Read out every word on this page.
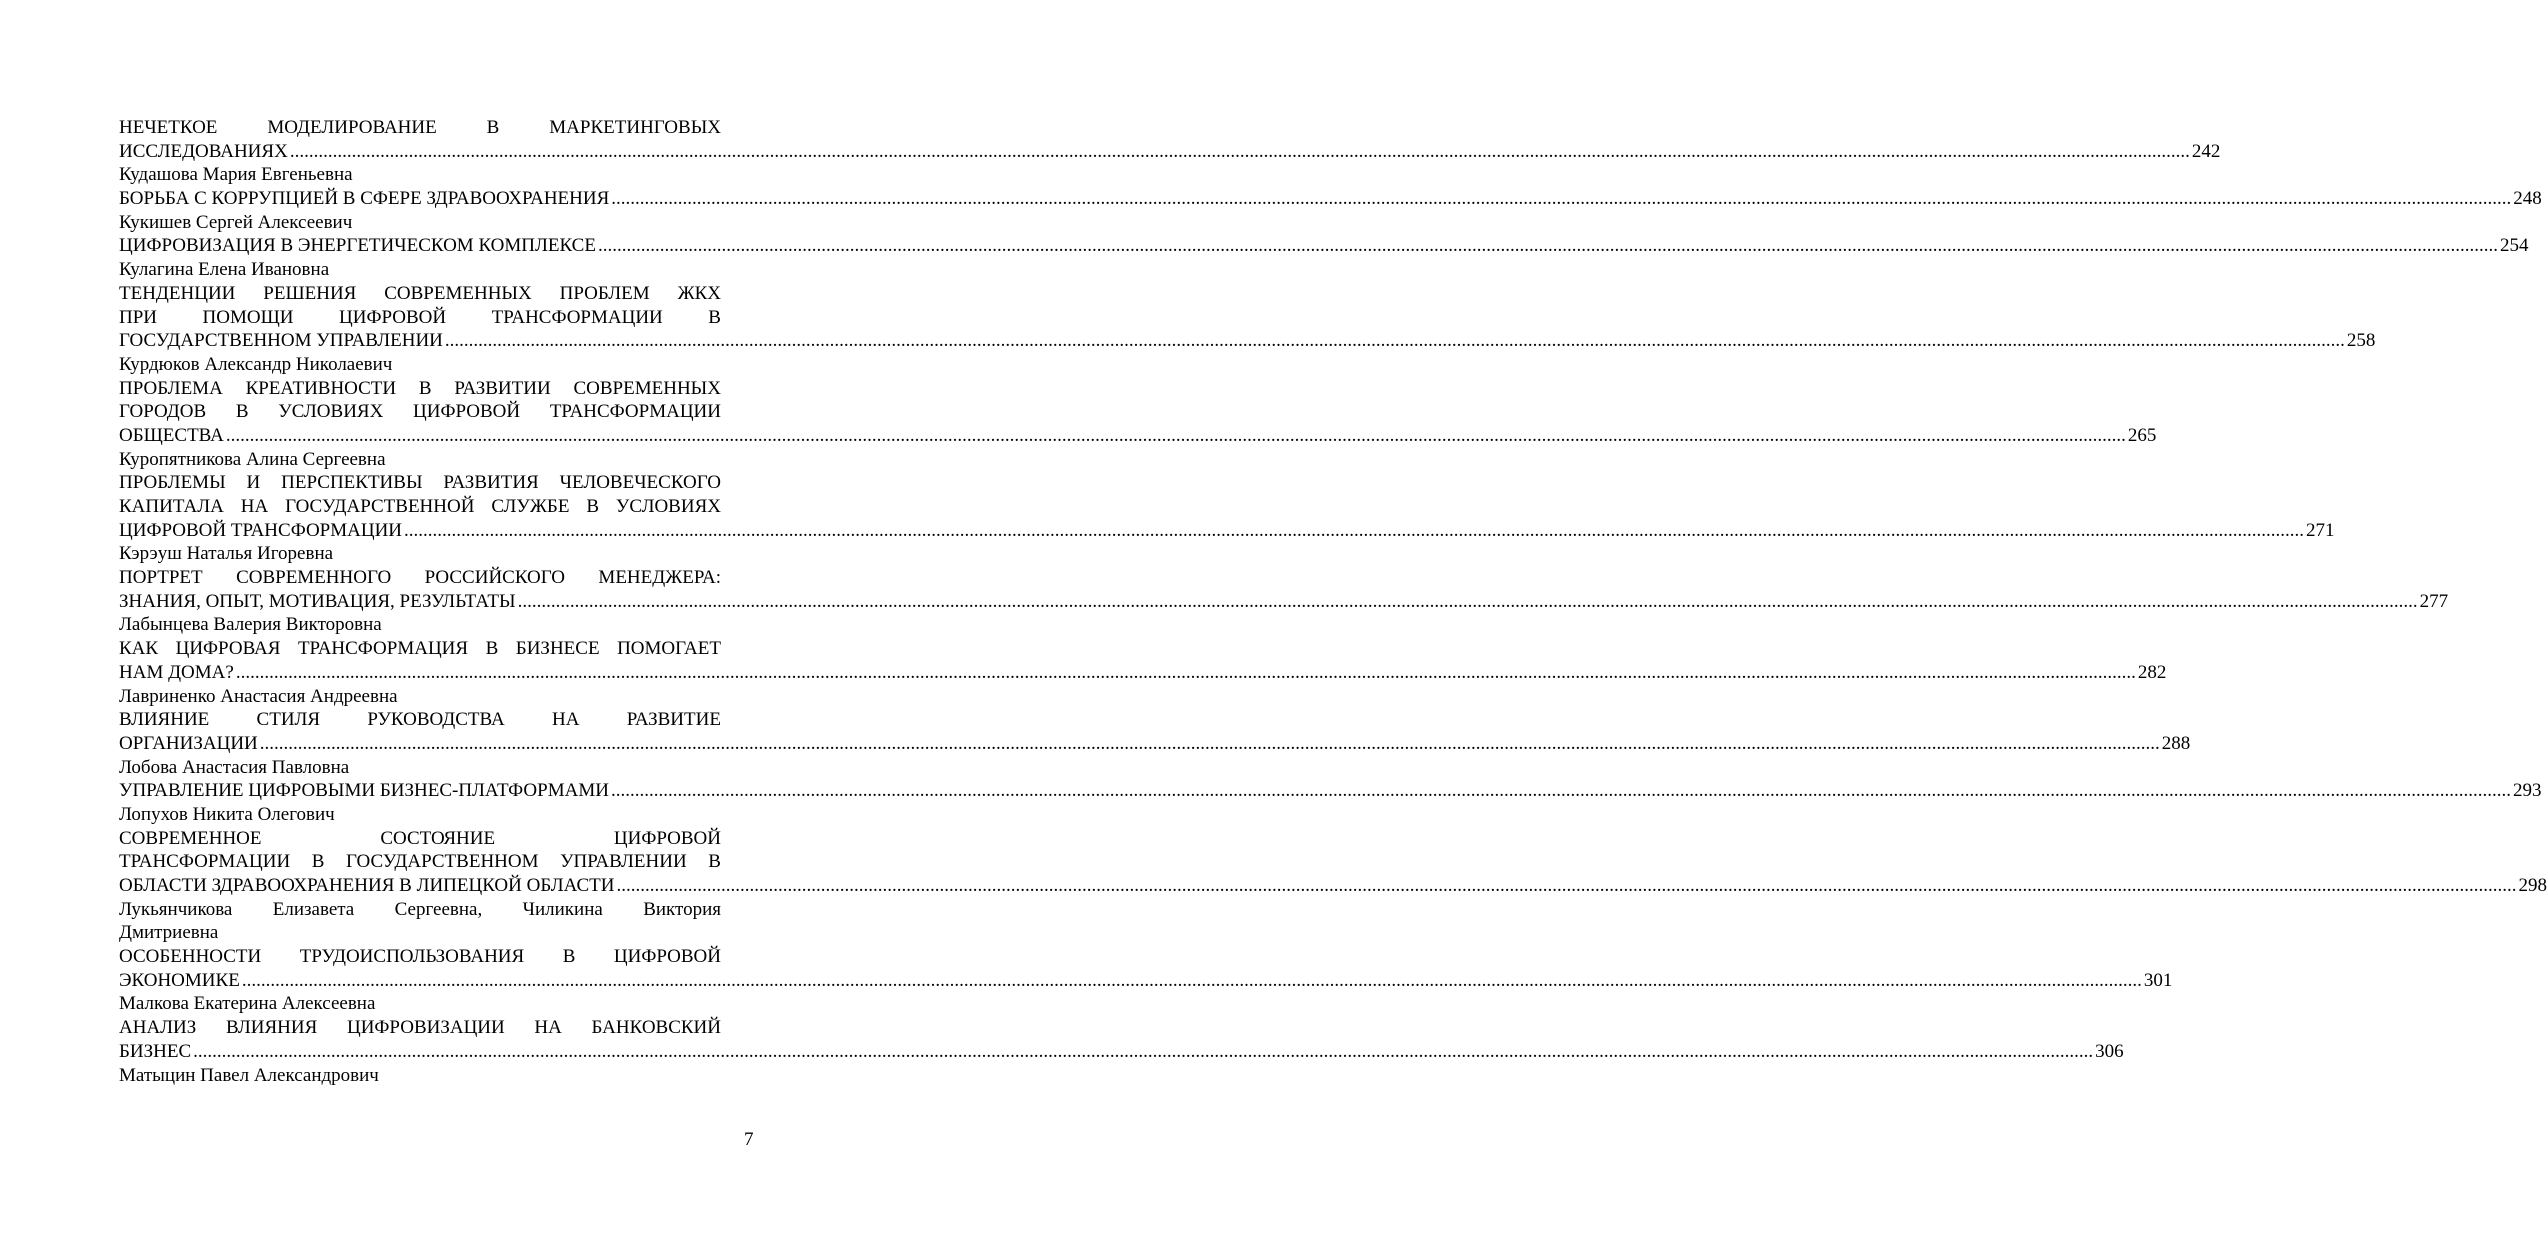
НЕЧЕТКОЕ	МОДЕЛИРОВАНИЕ	В	МАРКЕТИНГОВЫХ
ИССЛЕДОВАНИЯХ ................................................................................................................................................................................................................................................................................................................................................................................................................ 242
Кудашова Мария Евгеньевна
БОРЬБА С КОРРУПЦИЕЙ В СФЕРЕ ЗДРАВООХРАНЕНИЯ ................................................................................................................................................................................................................................................................................................................................................................................................................ 248
Кукишев Сергей Алексеевич
ЦИФРОВИЗАЦИЯ В ЭНЕРГЕТИЧЕСКОМ КОМПЛЕКСЕ ................................................................................................................................................................................................................................................................................................................................................................................................................ 254
Кулагина Елена Ивановна
ТЕНДЕНЦИИ РЕШЕНИЯ СОВРЕМЕННЫХ ПРОБЛЕМ ЖКХ
ПРИ ПОМОЩИ ЦИФРОВОЙ ТРАНСФОРМАЦИИ В
ГОСУДАРСТВЕННОМ УПРАВЛЕНИИ ................................................................................................................................................................................................................................................................................................................................................................................................................ 258
Курдюков Александр Николаевич
ПРОБЛЕМА КРЕАТИВНОСТИ В РАЗВИТИИ СОВРЕМЕННЫХ
ГОРОДОВ В УСЛОВИЯХ ЦИФРОВОЙ ТРАНСФОРМАЦИИ
ОБЩЕСТВА ................................................................................................................................................................................................................................................................................................................................................................................................................ 265
Куропятникова Алина Сергеевна
ПРОБЛЕМЫ И ПЕРСПЕКТИВЫ РАЗВИТИЯ ЧЕЛОВЕЧЕСКОГО
КАПИТАЛА НА ГОСУДАРСТВЕННОЙ СЛУЖБЕ В УСЛОВИЯХ
ЦИФРОВОЙ ТРАНСФОРМАЦИИ ................................................................................................................................................................................................................................................................................................................................................................................................................ 271
Кэрэуш Наталья Игоревна
ПОРТРЕТ СОВРЕМЕННОГО РОССИЙСКОГО МЕНЕДЖЕРА:
ЗНАНИЯ, ОПЫТ, МОТИВАЦИЯ, РЕЗУЛЬТАТЫ ................................................................................................................................................................................................................................................................................................................................................................................................................ 277
Лабынцева Валерия Викторовна
КАК ЦИФРОВАЯ ТРАНСФОРМАЦИЯ В БИЗНЕСЕ ПОМОГАЕТ
НАМ ДОМА? ................................................................................................................................................................................................................................................................................................................................................................................................................ 282
Лавриненко Анастасия Андреевна
ВЛИЯНИЕ СТИЛЯ РУКОВОДСТВА НА РАЗВИТИЕ
ОРГАНИЗАЦИИ ................................................................................................................................................................................................................................................................................................................................................................................................................ 288
Лобова Анастасия Павловна
УПРАВЛЕНИЕ ЦИФРОВЫМИ БИЗНЕС-ПЛАТФОРМАМИ ................................................................................................................................................................................................................................................................................................................................................................................................................ 293
Лопухов Никита Олегович
СОВРЕМЕННОЕ	СОСТОЯНИЕ	ЦИФРОВОЙ
ТРАНСФОРМАЦИИ В ГОСУДАРСТВЕННОМ УПРАВЛЕНИИ В
ОБЛАСТИ ЗДРАВООХРАНЕНИЯ В ЛИПЕЦКОЙ ОБЛАСТИ ................................................................................................................................................................................................................................................................................................................................................................................................................ 298
Лукьянчикова Елизавета Сергеевна, Чиликина Виктория
Дмитриевна
ОСОБЕННОСТИ ТРУДОИСПОЛЬЗОВАНИЯ В ЦИФРОВОЙ
ЭКОНОМИКЕ ................................................................................................................................................................................................................................................................................................................................................................................................................ 301
Малкова Екатерина Алексеевна
АНАЛИЗ ВЛИЯНИЯ ЦИФРОВИЗАЦИИ НА БАНКОВСКИЙ
БИЗНЕС ................................................................................................................................................................................................................................................................................................................................................................................................................ 306
Матыцин Павел Александрович
7
